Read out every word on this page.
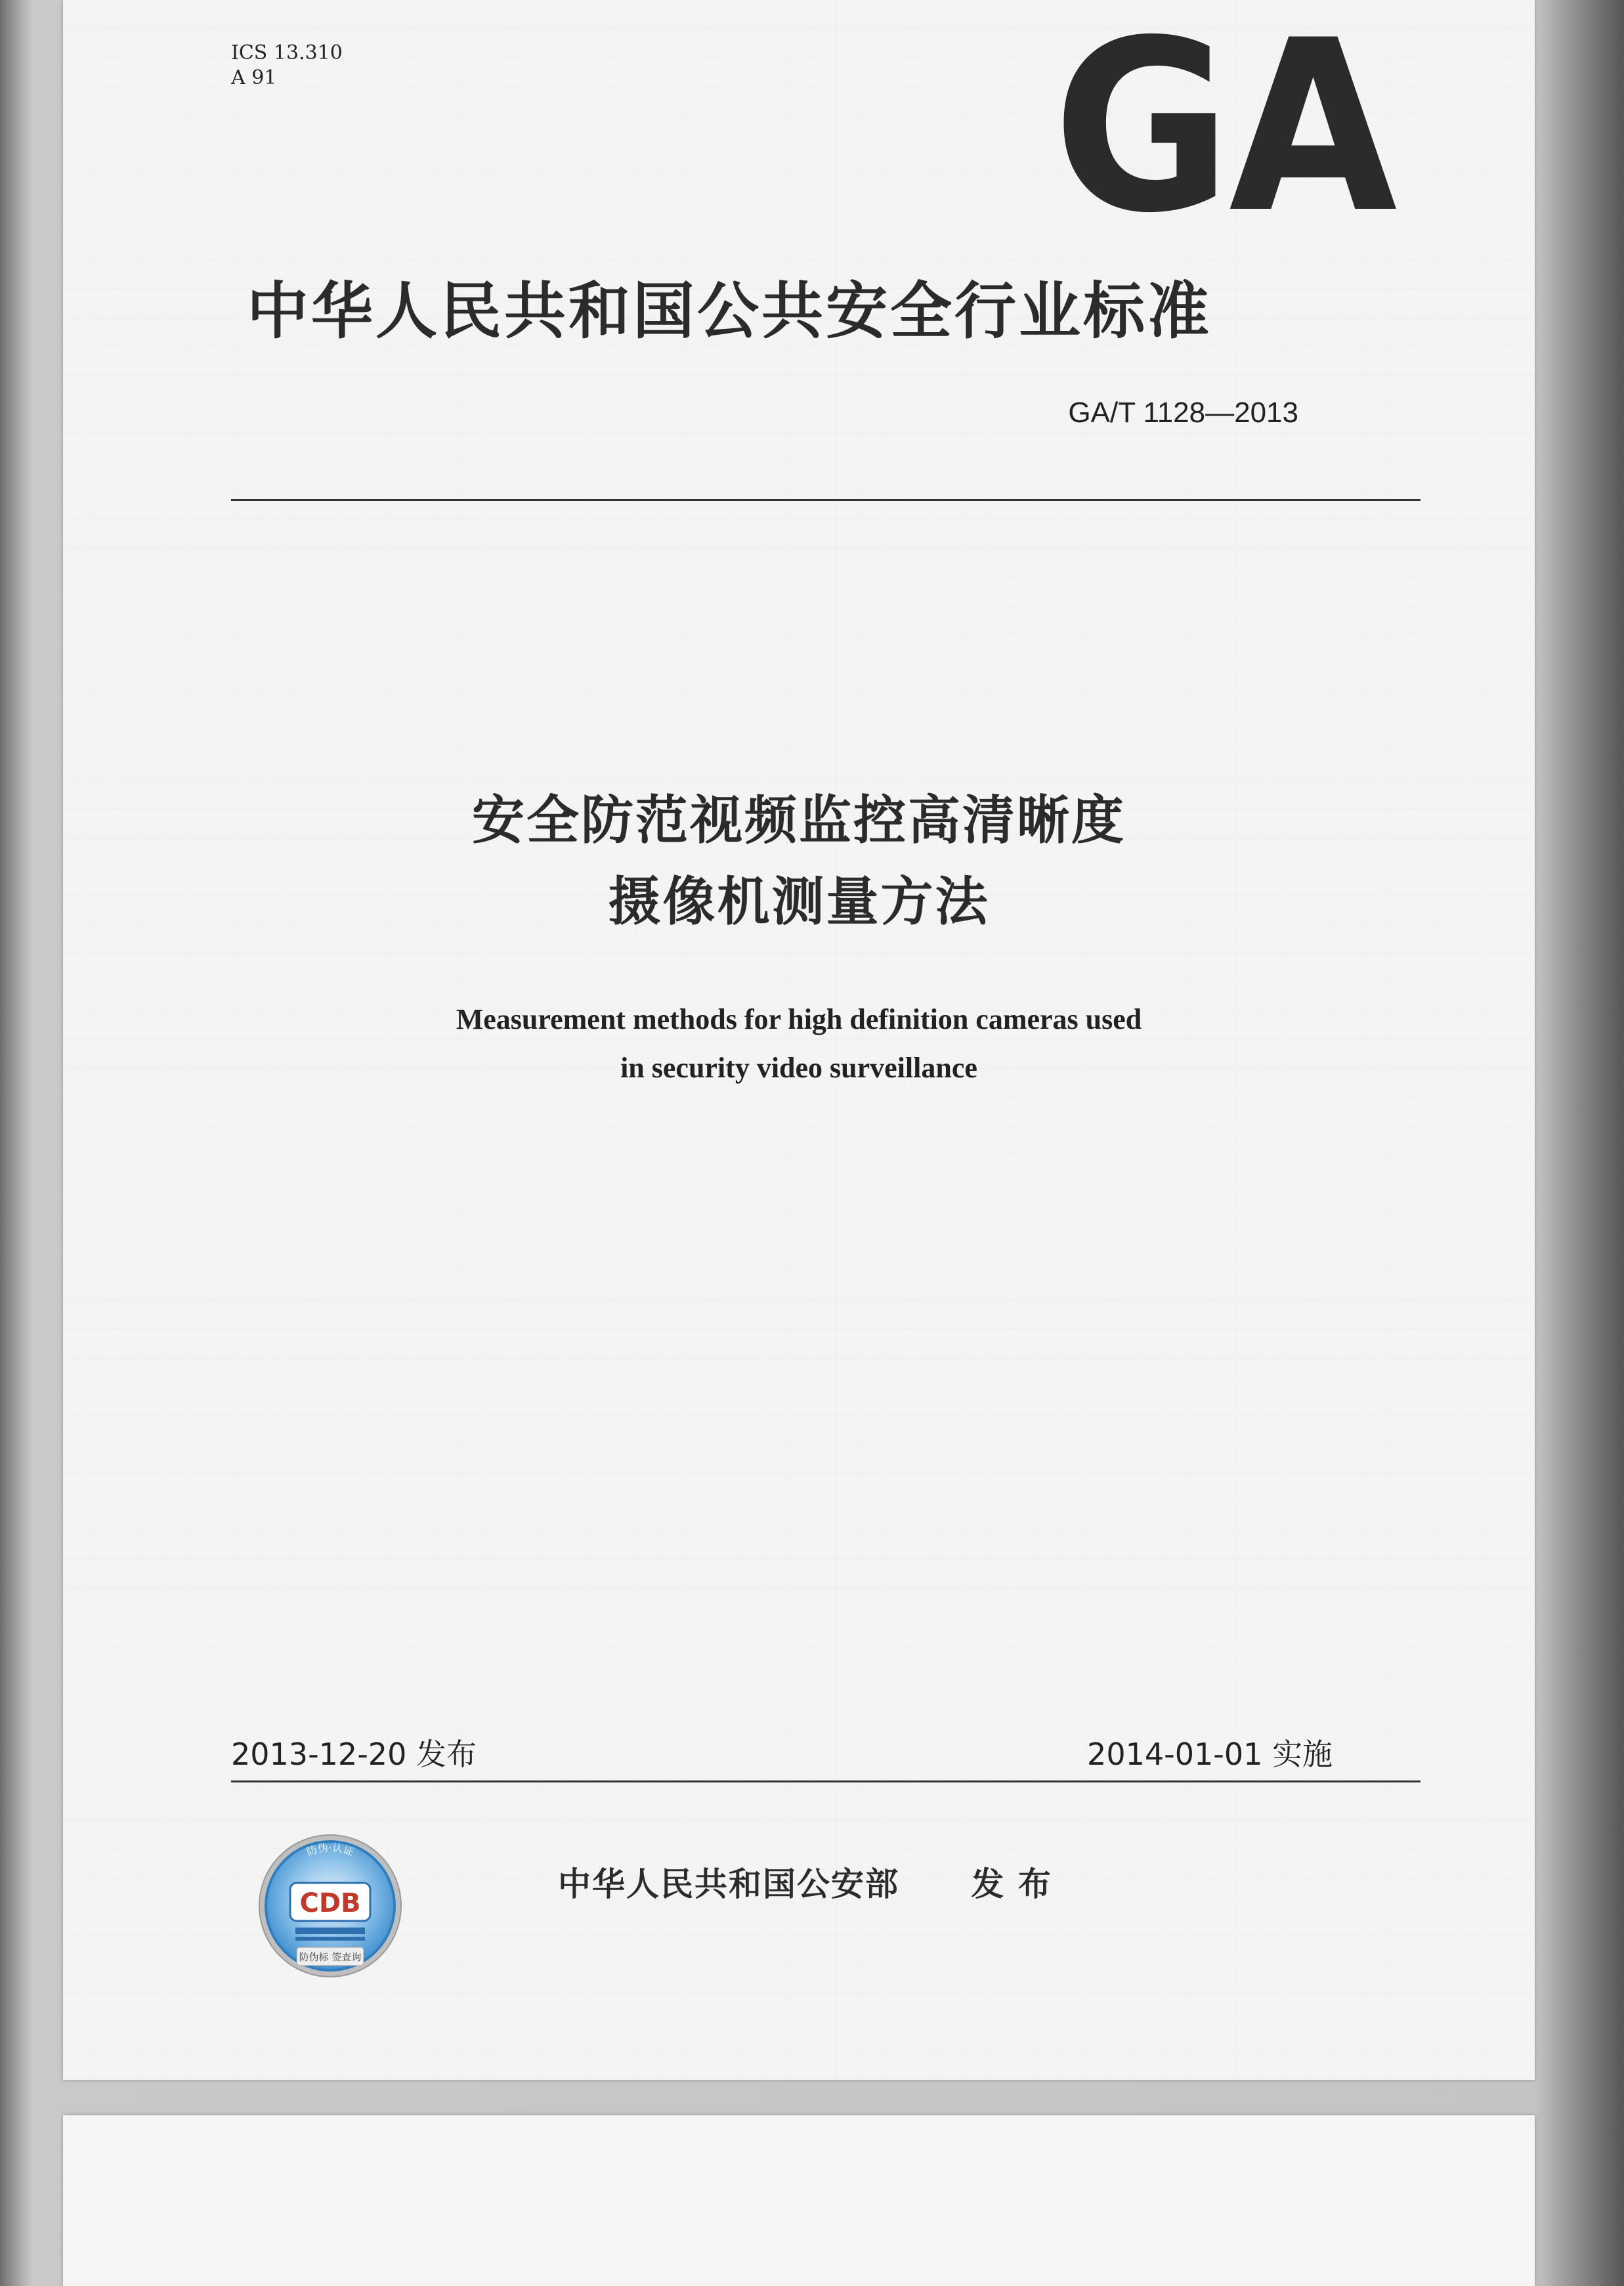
ICS 13.310
A 91	GA
中华人民共和国公共安全行业标准
GA/T 1128—2013
安全防范视频监控高清晰度
摄像机测量方法
Measurement methods for high definition cameras used
in security video surveillance
2013-12-20 发布	2014-01-01 实施
防伪·认证
CDB
防伪标 签查询
中华人民共和国公安部 发 布
